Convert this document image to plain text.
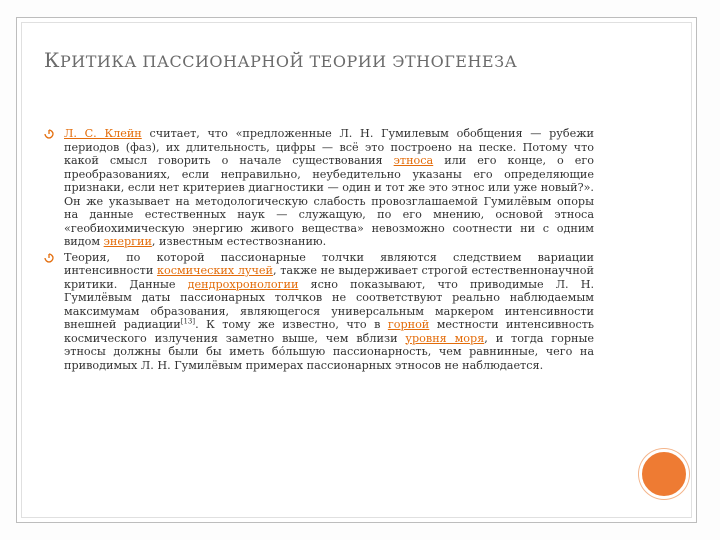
КРИТИКА ПАССИОНАРНОЙ ТЕОРИИ ЭТНОГЕНЕЗА
Л. С. Клейн считает, что «предложенные Л. Н. Гумилевым обобщения — рубежи периодов (фаз), их длительность, цифры — всё это построено на песке. Потому что какой смысл говорить о начале существования этноса или его конце, о его преобразованиях, если неправильно, неубедительно указаны его определяющие признаки, если нет критериев диагностики — один и тот же это этнос или уже новый?». Он же указывает на методологическую слабость провозглашаемой Гумилёвым опоры на данные естественных наук — служащую, по его мнению, основой этноса «геобиохимическую энергию живого вещества» невозможно соотнести ни с одним видом энергии, известным естествознанию.
Теория, по которой пассионарные толчки являются следствием вариации интенсивности космических лучей, также не выдерживает строгой естественнонаучной критики. Данные дендрохронологии ясно показывают, что приводимые Л. Н. Гумилёвым даты пассионарных толчков не соответствуют реально наблюдаемым максимумам образования, являющегося универсальным маркером интенсивности внешней радиации[13]. К тому же известно, что в горной местности интенсивность космического излучения заметно выше, чем вблизи уровня моря, и тогда горные этносы должны были бы иметь бо́льшую пассионарность, чем равнинные, чего на приводимых Л. Н. Гумилёвым примерах пассионарных этносов не наблюдается.
